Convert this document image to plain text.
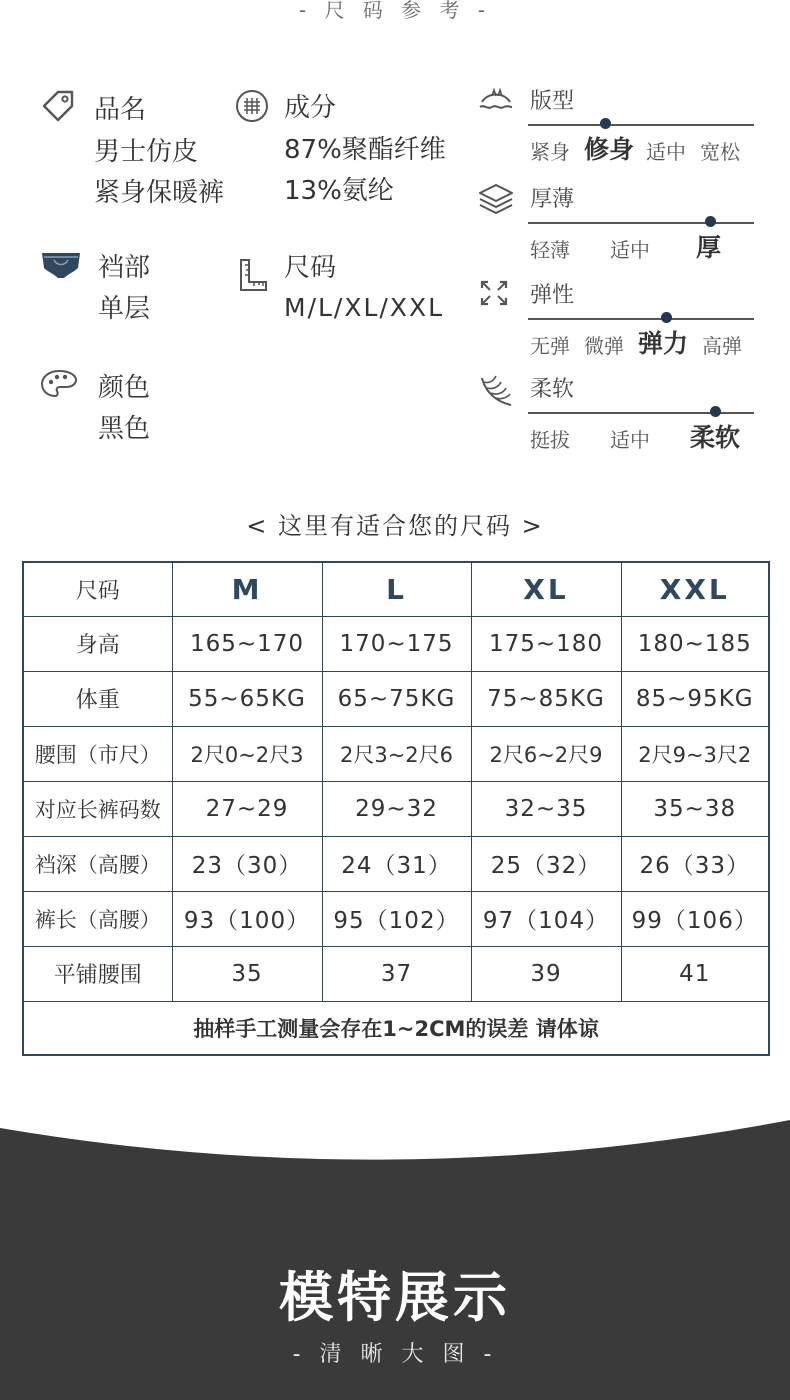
- 尺 码 参 考 -
品名
男士仿皮
紧身保暖裤
成分
87%聚酯纤维
13%氨纶
裆部
单层
尺码
M/L/XL/XXL
颜色
黑色
版型
紧身 修身 适中 宽松
厚薄
轻薄 适中 厚
弹性
无弹 微弹 弹力 高弹
柔软
挺拔 适中 柔软
< 这里有适合您的尺码 >
尺码	M	L	XL	XXL
身高	165~170	170~175	175~180	180~185
体重	55~65KG	65~75KG	75~85KG	85~95KG
腰围（市尺）	2尺0~2尺3	2尺3~2尺6	2尺6~2尺9	2尺9~3尺2
对应长裤码数	27~29	29~32	32~35	35~38
裆深（高腰）	23（30）	24（31）	25（32）	26（33）
裤长（高腰）	93（100）	95（102）	97（104）	99（106）
平铺腰围	35	37	39	41
抽样手工测量会存在1~2CM的误差 请体谅				
模特展示
- 清 晰 大 图 -
